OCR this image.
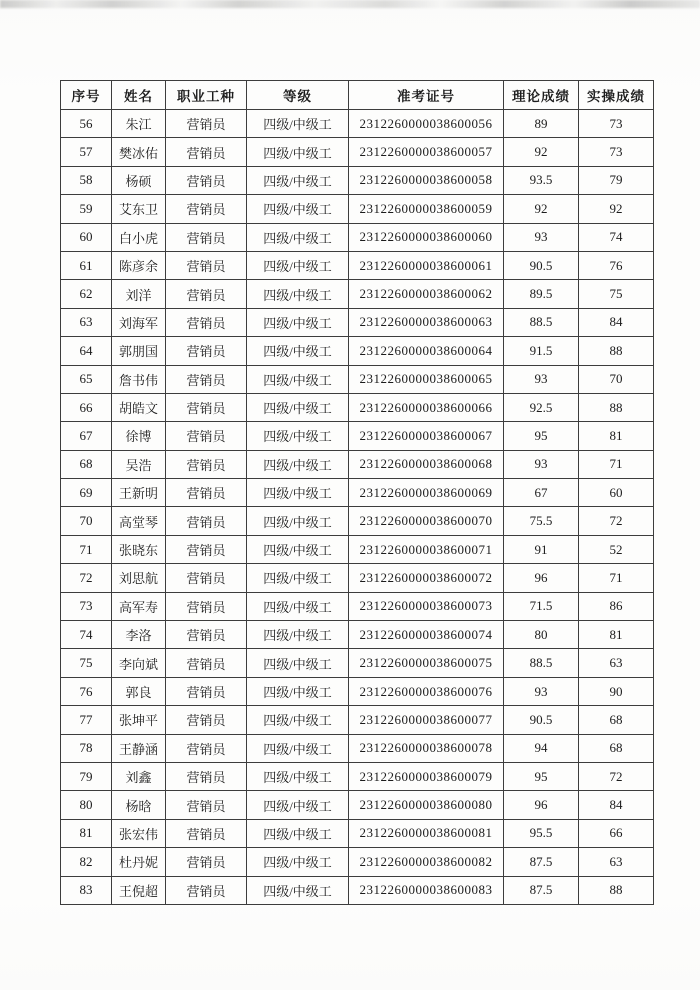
序号	姓名	职业工种	等级	准考证号	理论成绩	实操成绩
56	朱江	营销员	四级/中级工	2312260000038600056	89	73
57	樊冰佑	营销员	四级/中级工	2312260000038600057	92	73
58	杨硕	营销员	四级/中级工	2312260000038600058	93.5	79
59	艾东卫	营销员	四级/中级工	2312260000038600059	92	92
60	白小虎	营销员	四级/中级工	2312260000038600060	93	74
61	陈彦余	营销员	四级/中级工	2312260000038600061	90.5	76
62	刘洋	营销员	四级/中级工	2312260000038600062	89.5	75
63	刘海军	营销员	四级/中级工	2312260000038600063	88.5	84
64	郭朋国	营销员	四级/中级工	2312260000038600064	91.5	88
65	詹书伟	营销员	四级/中级工	2312260000038600065	93	70
66	胡皓文	营销员	四级/中级工	2312260000038600066	92.5	88
67	徐博	营销员	四级/中级工	2312260000038600067	95	81
68	吴浩	营销员	四级/中级工	2312260000038600068	93	71
69	王新明	营销员	四级/中级工	2312260000038600069	67	60
70	高堂琴	营销员	四级/中级工	2312260000038600070	75.5	72
71	张晓东	营销员	四级/中级工	2312260000038600071	91	52
72	刘思航	营销员	四级/中级工	2312260000038600072	96	71
73	高军寿	营销员	四级/中级工	2312260000038600073	71.5	86
74	李洛	营销员	四级/中级工	2312260000038600074	80	81
75	李向斌	营销员	四级/中级工	2312260000038600075	88.5	63
76	郭良	营销员	四级/中级工	2312260000038600076	93	90
77	张坤平	营销员	四级/中级工	2312260000038600077	90.5	68
78	王静涵	营销员	四级/中级工	2312260000038600078	94	68
79	刘鑫	营销员	四级/中级工	2312260000038600079	95	72
80	杨晗	营销员	四级/中级工	2312260000038600080	96	84
81	张宏伟	营销员	四级/中级工	2312260000038600081	95.5	66
82	杜丹妮	营销员	四级/中级工	2312260000038600082	87.5	63
83	王倪超	营销员	四级/中级工	2312260000038600083	87.5	88
